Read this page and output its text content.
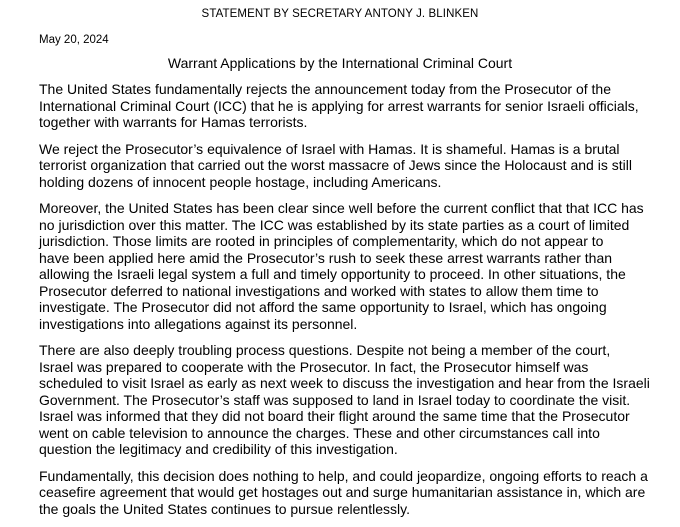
STATEMENT BY SECRETARY ANTONY J. BLINKEN
May 20, 2024
Warrant Applications by the International Criminal Court

The United States fundamentally rejects the announcement today from the Prosecutor of the
International Criminal Court (ICC) that he is applying for arrest warrants for senior Israeli officials,
together with warrants for Hamas terrorists.

We reject the Prosecutor’s equivalence of Israel with Hamas. It is shameful. Hamas is a brutal
terrorist organization that carried out the worst massacre of Jews since the Holocaust and is still
holding dozens of innocent people hostage, including Americans.

Moreover, the United States has been clear since well before the current conflict that that ICC has
no jurisdiction over this matter. The ICC was established by its state parties as a court of limited
jurisdiction. Those limits are rooted in principles of complementarity, which do not appear to
have been applied here amid the Prosecutor’s rush to seek these arrest warrants rather than
allowing the Israeli legal system a full and timely opportunity to proceed. In other situations, the
Prosecutor deferred to national investigations and worked with states to allow them time to
investigate. The Prosecutor did not afford the same opportunity to Israel, which has ongoing
investigations into allegations against its personnel.

There are also deeply troubling process questions. Despite not being a member of the court,
Israel was prepared to cooperate with the Prosecutor. In fact, the Prosecutor himself was
scheduled to visit Israel as early as next week to discuss the investigation and hear from the Israeli
Government. The Prosecutor’s staff was supposed to land in Israel today to coordinate the visit.
Israel was informed that they did not board their flight around the same time that the Prosecutor
went on cable television to announce the charges. These and other circumstances call into
question the legitimacy and credibility of this investigation.

Fundamentally, this decision does nothing to help, and could jeopardize, ongoing efforts to reach a
ceasefire agreement that would get hostages out and surge humanitarian assistance in, which are
the goals the United States continues to pursue relentlessly.
